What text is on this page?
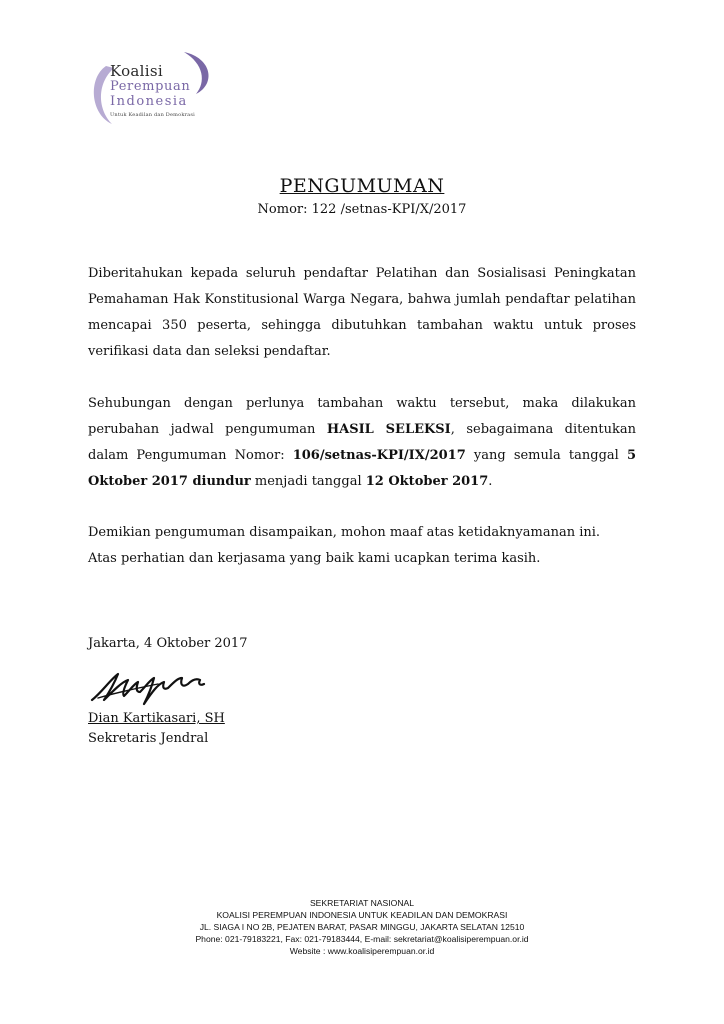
Koalisi
Perempuan
Indonesia
Untuk Keadilan dan Demokrasi
PENGUMUMAN
Nomor: 122 /setnas-KPI/X/2017
Diberitahukan kepada seluruh pendaftar Pelatihan dan Sosialisasi Peningkatan Pemahaman Hak Konstitusional Warga Negara, bahwa jumlah pendaftar pelatihan mencapai 350 peserta, sehingga dibutuhkan tambahan waktu untuk proses verifikasi data dan seleksi pendaftar.
Sehubungan dengan perlunya tambahan waktu tersebut, maka dilakukan perubahan jadwal pengumuman HASIL SELEKSI, sebagaimana ditentukan dalam Pengumuman Nomor: 106/setnas-KPI/IX/2017 yang semula tanggal 5 Oktober 2017 diundur menjadi tanggal 12 Oktober 2017.
Demikian pengumuman disampaikan, mohon maaf atas ketidaknyamanan ini.
Atas perhatian dan kerjasama yang baik kami ucapkan terima kasih.
Jakarta, 4 Oktober 2017
Dian Kartikasari, SH
Sekretaris Jendral
SEKRETARIAT NASIONAL
KOALISI PEREMPUAN INDONESIA UNTUK KEADILAN DAN DEMOKRASI
JL. SIAGA I NO 2B, PEJATEN BARAT, PASAR MINGGU, JAKARTA SELATAN 12510
Phone: 021-79183221, Fax: 021-79183444, E-mail: sekretariat@koalisiperempuan.or.id
Website : www.koalisiperempuan.or.id
